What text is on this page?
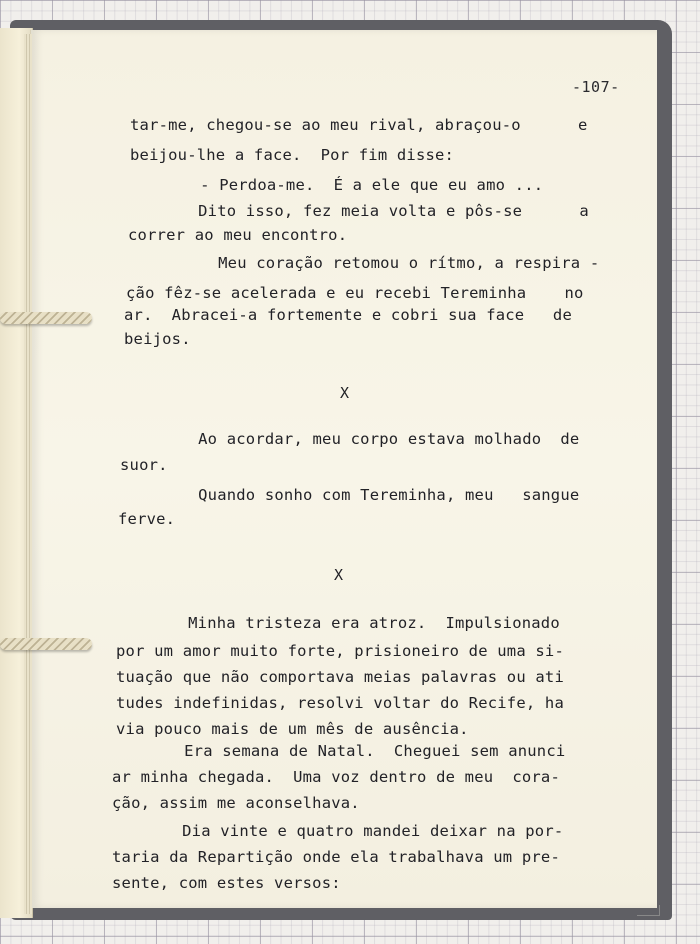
-107-
tar-me, chegou-se ao meu rival, abraçou-o      e
beijou-lhe a face.  Por fim disse:
- Perdoa-me.  É a ele que eu amo ...
Dito isso, fez meia volta e pôs-se      a
correr ao meu encontro.
Meu coração retomou o rítmo, a respira -
ção fêz-se acelerada e eu recebi Tereminha    no
ar.  Abracei-a fortemente e cobri sua face   de
beijos.
X
Ao acordar, meu corpo estava molhado  de
suor.
Quando sonho com Tereminha, meu   sangue
ferve.
X
Minha tristeza era atroz.  Impulsionado
por um amor muito forte, prisioneiro de uma si-
tuação que não comportava meias palavras ou ati
tudes indefinidas, resolvi voltar do Recife, ha
via pouco mais de um mês de ausência.
Era semana de Natal.  Cheguei sem anunci
ar minha chegada.  Uma voz dentro de meu  cora-
ção, assim me aconselhava.
Dia vinte e quatro mandei deixar na por-
taria da Repartição onde ela trabalhava um pre-
sente, com estes versos:
